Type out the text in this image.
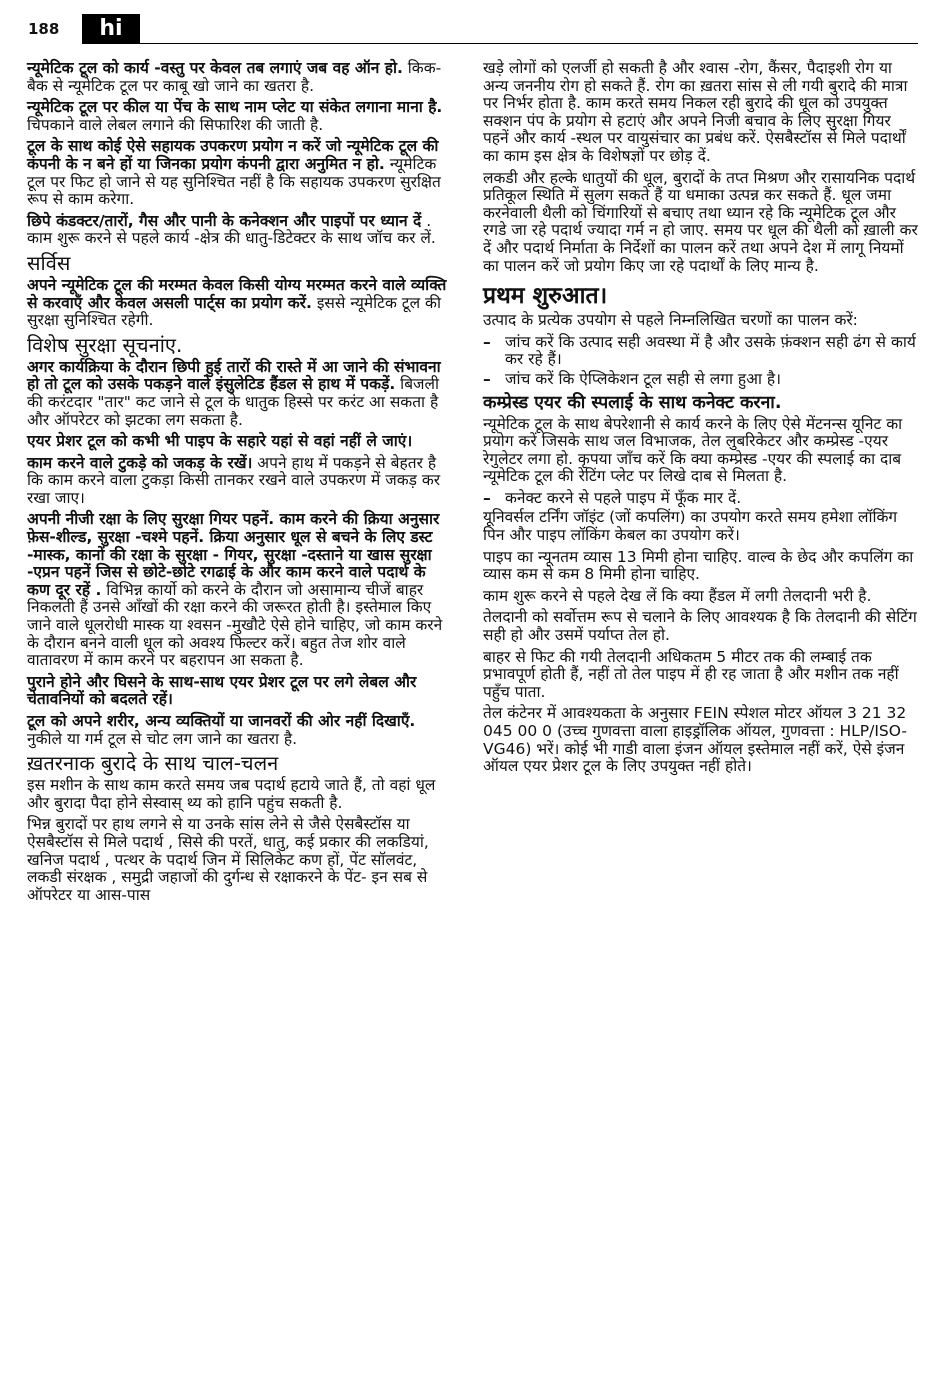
188	hi

न्यूमेटिक टूल को कार्य -वस्तु पर केवल तब लगाएं जब वह ऑन हो. किक-बैक से न्यूमेटिक टूल पर काबू खो जाने का खतरा है.

न्यूमेटिक टूल पर कील या पेंच के साथ नाम प्लेट या संकेत लगाना माना है. चिपकाने वाले लेबल लगाने की सिफारिश की जाती है.

टूल के साथ कोई ऐसे सहायक उपकरण प्रयोग न करें जो न्यूमेटिक टूल की कंपनी के न बने हों या जिनका प्रयोग कंपनी द्वारा अनुमित न हो. न्यूमेटिक टूल पर फिट हो जाने से यह सुनिश्चित नहीं है कि सहायक उपकरण सुरक्षित रूप से काम करेगा.

छिपे कंडक्टर/तारों, गैस और पानी के कनेक्शन और पाइपों पर ध्यान दें . काम शुरू करने से पहले कार्य -क्षेत्र की धातु-डिटेक्टर के साथ जॉच कर लें.

सर्विस

अपने न्यूमेटिक टूल की मरम्मत केवल किसी योग्य मरम्मत करने वाले व्यक्ति से करवाएँ और केवल असली पार्ट्स का प्रयोग करें. इससे न्यूमेटिक टूल की सुरक्षा सुनिश्चित रहेगी.

विशेष सुरक्षा सूचनांए.

अगर कार्यक्रिया के दौरान छिपी हुई तारों की रास्ते में आ जाने की संभावना हो तो टूल को उसके पकड़ने वाले इंसुलेटिड हैंडल से हाथ में पकड़ें. बिजली की करंटदार "तार" कट जाने से टूल के धातुक हिस्से पर करंट आ सकता है और ऑपरेटर को झटका लग सकता है.

एयर प्रेशर टूल को कभी भी पाइप के सहारे यहां से वहां नहीं ले जाएं।

काम करने वाले टुकड़े को जकड़ के रखें। अपने हाथ में पकड़ने से बेहतर है कि काम करने वाला टुकड़ा किसी तानकर रखने वाले उपकरण में जकड़ कर रखा जाए।

अपनी नीजी रक्षा के लिए सुरक्षा गियर पहनें. काम करने की क्रिया अनुसार फ़ेस-शील्ड, सुरक्षा -चश्मे पहनें. क्रिया अनुसार धूल से बचने के लिए डस्ट -मास्क, कानों की रक्षा के सुरक्षा - गियर, सुरक्षा -दस्ताने या खास सुरक्षा -एप्रन पहनें जिस से छोटे-छोटे रगढाई के और काम करने वाले पदार्थ के कण दूर रहें . विभिन्न कार्यो को करने के दौरान जो असामान्य चीजें बाहर निकलती हैं उनसे आँखों की रक्षा करने की जरूरत होती है। इस्तेमाल किए जाने वाले धूलरोधी मास्क या श्वसन -मुखौटे ऐसे होने चाहिए, जो काम करने के दौरान बनने वाली धूल को अवश्य फिल्टर करें। बहुत तेज शोर वाले वातावरण में काम करने पर बहरापन आ सकता है.

पुराने होने और घिसने के साथ-साथ एयर प्रेशर टूल पर लगे लेबल और चेतावनियों को बदलते रहें।

टूल को अपने शरीर, अन्य व्यक्तियों या जानवरों की ओर नहीं दिखाएँ. नुकीले या गर्म टूल से चोट लग जाने का खतरा है.

ख़तरनाक बुरादे के साथ चाल-चलन

इस मशीन के साथ काम करते समय जब पदार्थ हटाये जाते हैं, तो वहां धूल और बुरादा पैदा होने सेस्वास् थ्य को हानि पहुंच सकती है.

भिन्न बुरादों पर हाथ लगने से या उनके सांस लेने से जैसे ऐसबैस्टॉस या ऐसबैस्टॉस से मिले पदार्थ , सिसे की परतें, धातु, कई प्रकार की लकडियां, खनिज पदार्थ , पत्थर के पदार्थ जिन में सिलिकेट कण हों, पेंट सॉलवंट, लकडी संरक्षक , समुद्री जहाजों की दुर्गन्ध से रक्षाकरने के पेंट- इन सब से ऑपरेटर या आस-पास

खड़े लोगों को एलर्जी हो सकती है और श्वास -रोग, कैंसर, पैदाइशी रोग या अन्य जननीय रोग हो सकते हैं. रोग का ख़तरा सांस से ली गयी बुरादे की मात्रा पर निर्भर होता है. काम करते समय निकल रही बुरादे की धूल को उपयुक्त सक्शन पंप के प्रयोग से हटाएं और अपने निजी बचाव के लिए सुरक्षा गियर पहनें और कार्य -स्थल पर वायुसंचार का प्रबंध करें. ऐसबैस्टॉस से मिले पदार्थों का काम इस क्षेत्र के विशेषज्ञों पर छोड़ दें.

लकडी और हल्के धातुयों की धूल, बुरादों के तप्त मिश्रण और रासायनिक पदार्थ प्रतिकूल स्थिति में सुलग सकते हैं या धमाका उत्पन्न कर सकते हैं. धूल जमा करनेवाली थैली को चिंगारियों से बचाए तथा ध्यान रहे कि न्यूमेटिक टूल और रगडे जा रहे पदार्थ ज्यादा गर्म न हो जाए. समय पर धूल की थैली को ख़ाली कर दें और पदार्थ निर्माता के निर्देशों का पालन करें तथा अपने देश में लागू नियमों का पालन करें जो प्रयोग किए जा रहे पदार्थों के लिए मान्य है.

प्रथम शुरुआत।

उत्पाद के प्रत्येक उपयोग से पहले निम्नलिखित चरणों का पालन करें:

– जांच करें कि उत्पाद सही अवस्था में है और उसके फ़ंक्शन सही ढंग से कार्य कर रहे हैं।
– जांच करें कि ऐप्लिकेशन टूल सही से लगा हुआ है।
कम्प्रेस्ड एयर की स्पलाई के साथ कनेक्ट करना.

न्यूमेटिक टूल के साथ बेपरेशानी से कार्य करने के लिए ऐसे मेंटनन्स यूनिट का प्रयोग करें जिसके साथ जल विभाजक, तेल लुबरिकेटर और कम्प्रेस्ड -एयर रेगुलेटर लगा हो. कृपया जाँच करें कि क्या कम्प्रेस्ड -एयर की स्पलाई का दाब न्यूमेटिक टूल की रेटिंग प्लेट पर लिखे दाब से मिलता है.

– कनेक्ट करने से पहले पाइप में फूँक मार दें.

यूनिवर्सल टर्निंग जॉइंट (जों कपलिंग) का उपयोग करते समय हमेशा लॉकिंग पिन और पाइप लॉकिंग केबल का उपयोग करें।

पाइप का न्यूनतम व्यास 13 मिमी होना चाहिए. वाल्व के छेद और कपलिंग का व्यास कम से कम 8 मिमी होना चाहिए.

काम शुरू करने से पहले देख लें कि क्या हैंडल में लगी तेलदानी भरी है.

तेलदानी को सर्वोत्तम रूप से चलाने के लिए आवश्यक है कि तेलदानी की सेटिंग सही हो और उसमें पर्याप्त तेल हो.

बाहर से फिट की गयी तेलदानी अधिकतम 5 मीटर तक की लम्बाई तक प्रभावपूर्ण होती हैं, नहीं तो तेल पाइप में ही रह जाता है और मशीन तक नहीं पहुँच पाता.

तेल कंटेनर में आवश्यकता के अनुसार FEIN स्पेशल मोटर ऑयल 3 21 32 045 00 0 (उच्च गुणवत्ता वाला हाइड्रॉलिक ऑयल, गुणवत्ता : HLP/ISO-VG46) भरें। कोई भी गाडी वाला इंजन ऑयल इस्तेमाल नहीं करें, ऐसे इंजन ऑयल एयर प्रेशर टूल के लिए उपयुक्त नहीं होते।
